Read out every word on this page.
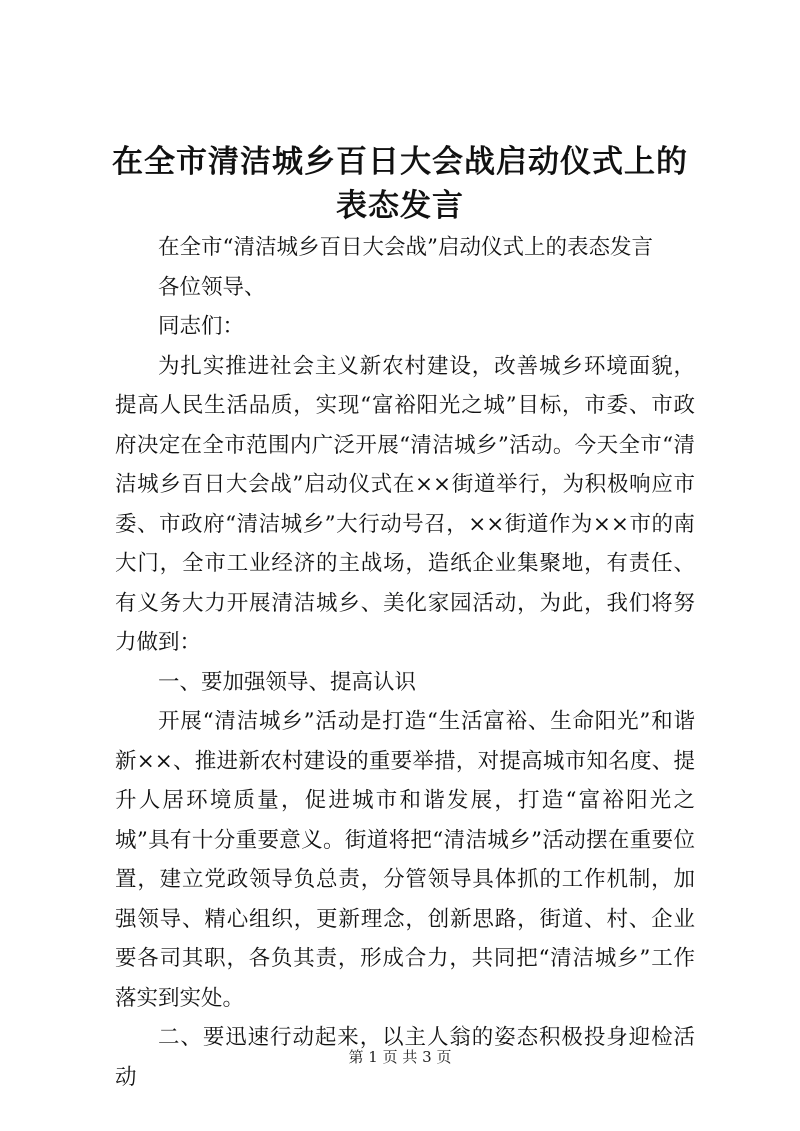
在全市清洁城乡百日大会战启动仪式上的表态发言

在全市“清洁城乡百日大会战”启动仪式上的表态发言

各位领导、

同志们：

为扎实推进社会主义新农村建设，改善城乡环境面貌，提高人民生活品质，实现“富裕阳光之城”目标，市委、市政府决定在全市范围内广泛开展“清洁城乡”活动。今天全市“清洁城乡百日大会战”启动仪式在××街道举行，为积极响应市委、市政府“清洁城乡”大行动号召，××街道作为××市的南大门，全市工业经济的主战场，造纸企业集聚地，有责任、有义务大力开展清洁城乡、美化家园活动，为此，我们将努力做到：

一、要加强领导、提高认识

开展“清洁城乡”活动是打造“生活富裕、生命阳光”和谐新××、推进新农村建设的重要举措，对提高城市知名度、提升人居环境质量，促进城市和谐发展，打造“富裕阳光之城”具有十分重要意义。街道将把“清洁城乡”活动摆在重要位置，建立党政领导负总责，分管领导具体抓的工作机制，加强领导、精心组织，更新理念，创新思路，街道、村、企业要各司其职，各负其责，形成合力，共同把“清洁城乡”工作落实到实处。

二、要迅速行动起来，以主人翁的姿态积极投身迎检活动

第 1 页 共 3 页
